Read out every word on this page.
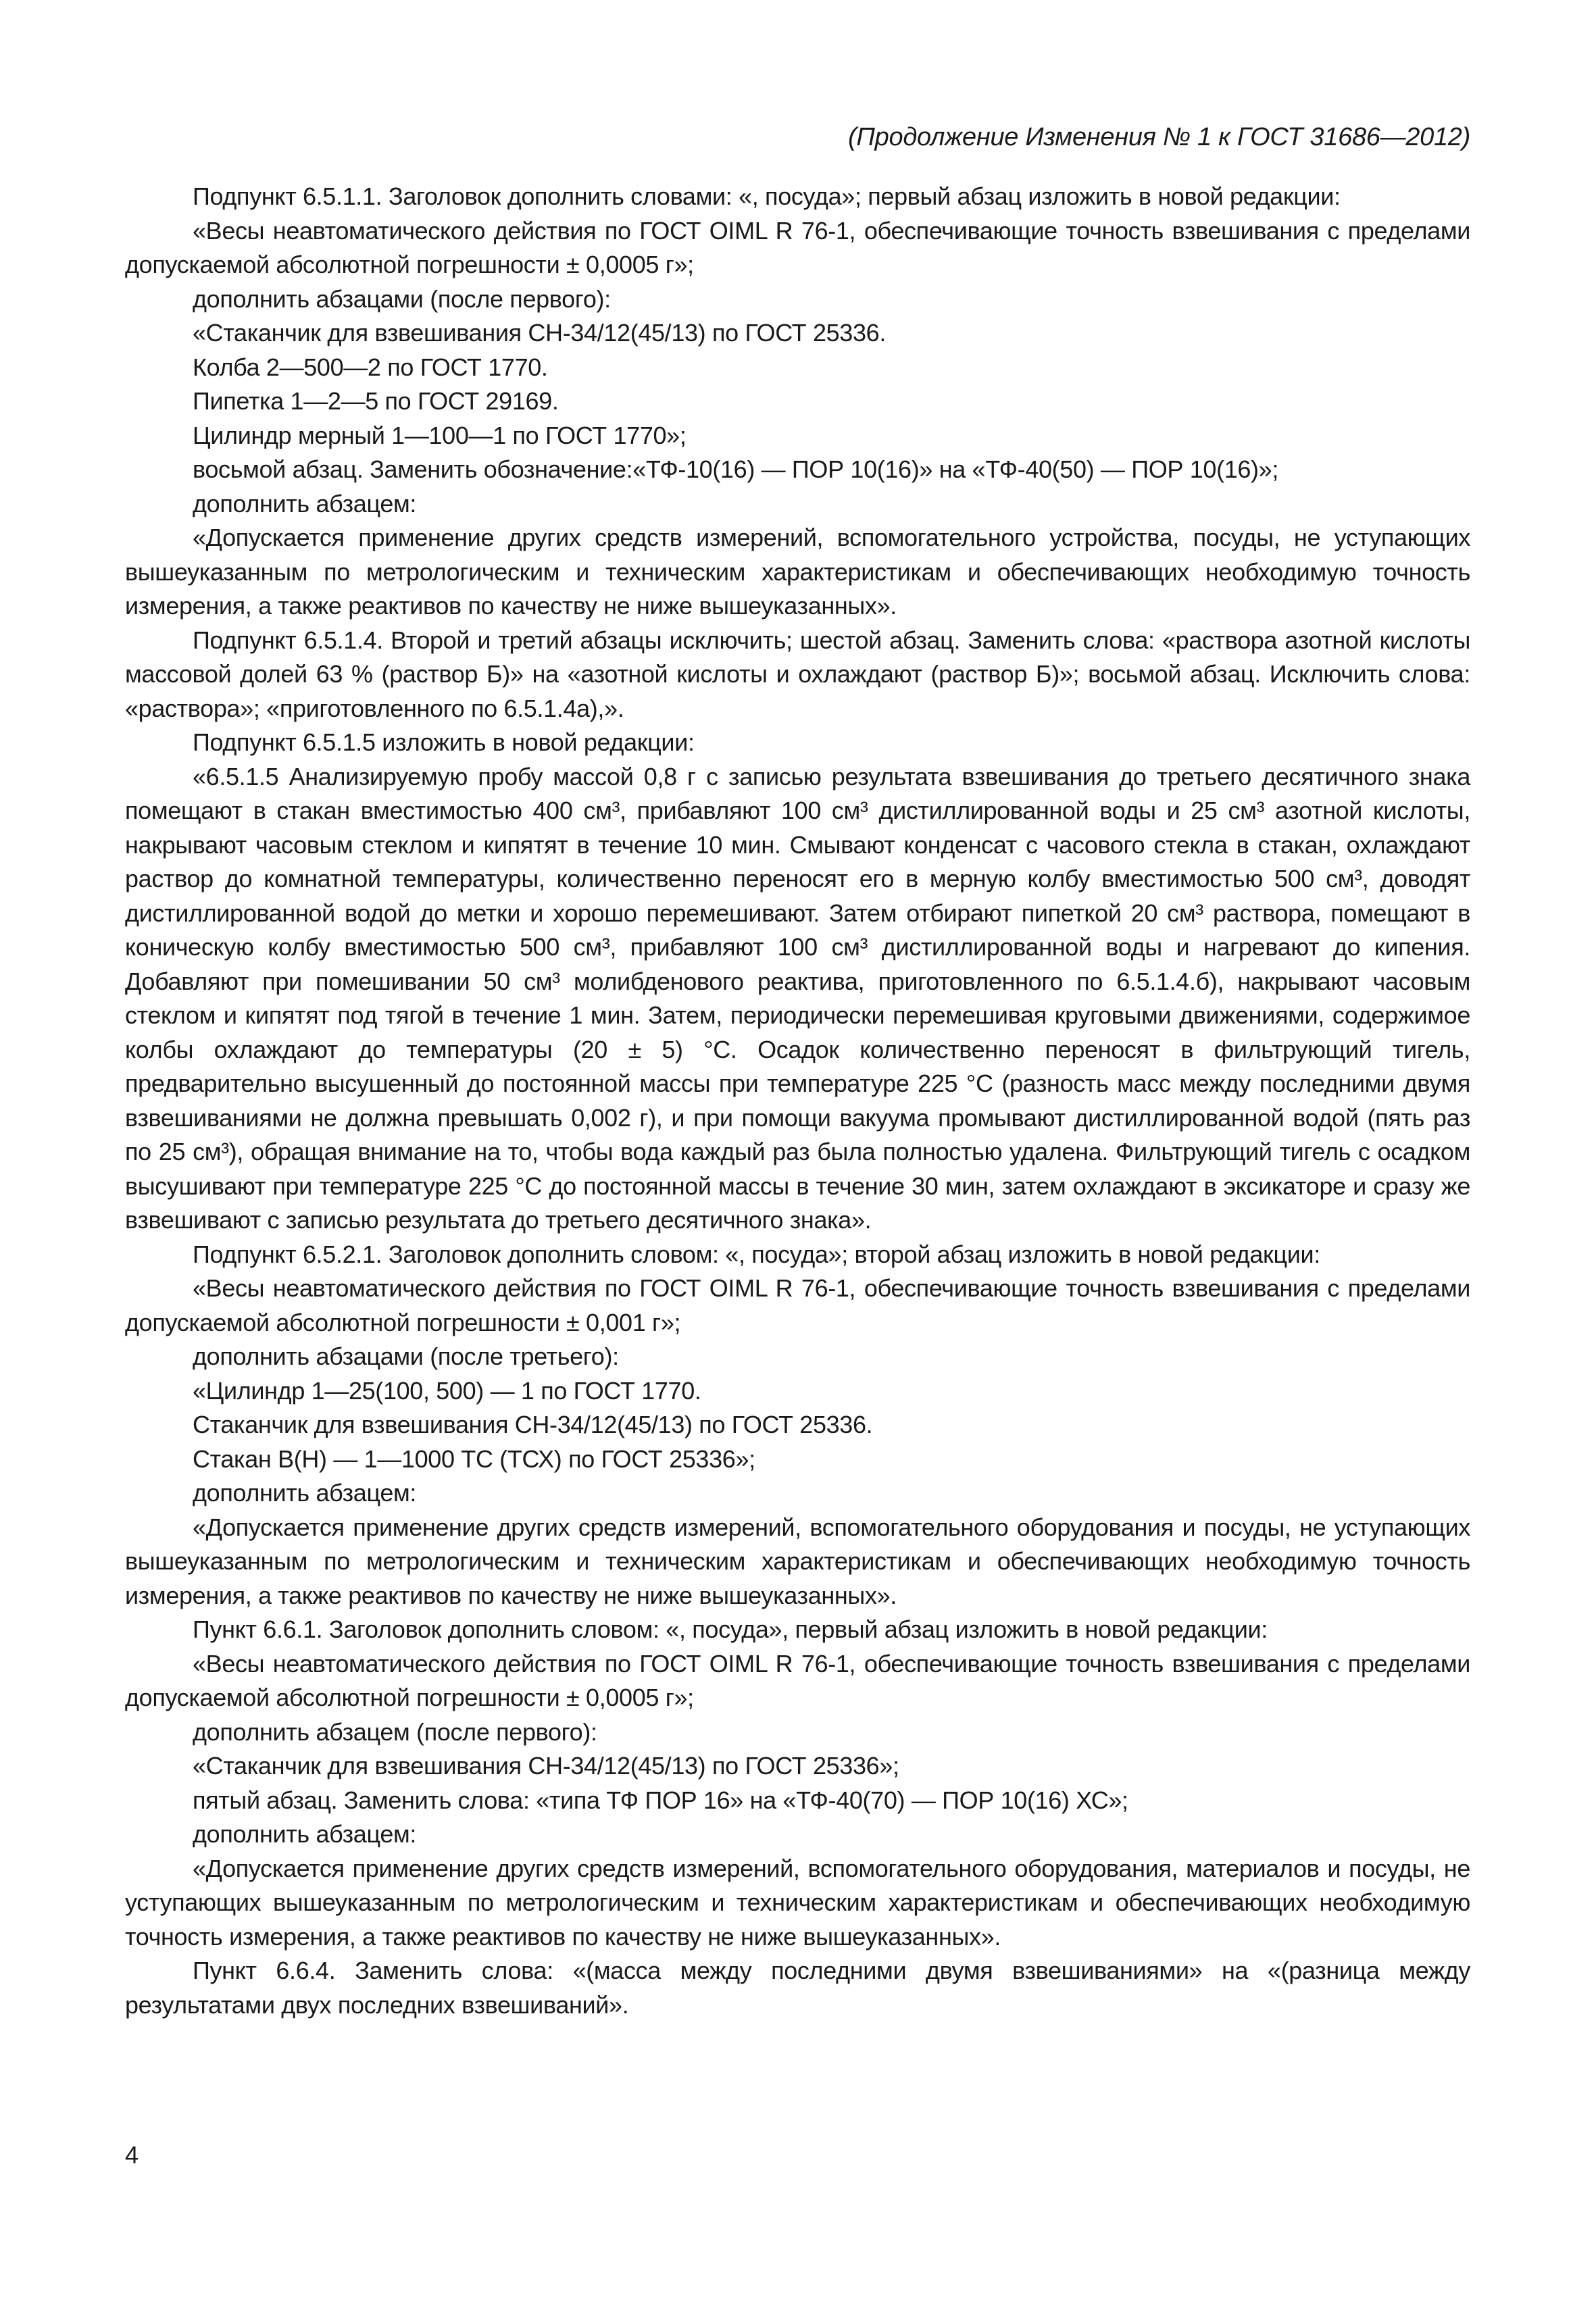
(Продолжение Изменения № 1 к ГОСТ 31686—2012)

Подпункт 6.5.1.1. Заголовок дополнить словами: «, посуда»; первый абзац изложить в новой редакции:

«Весы неавтоматического действия по ГОСТ OIML R 76-1, обеспечивающие точность взвешивания с пределами допускаемой абсолютной погрешности ± 0,0005 г»;

дополнить абзацами (после первого):

«Стаканчик для взвешивания СН-34/12(45/13) по ГОСТ 25336.

Колба 2—500—2 по ГОСТ 1770.

Пипетка 1—2—5 по ГОСТ 29169.

Цилиндр мерный 1—100—1 по ГОСТ 1770»;

восьмой абзац. Заменить обозначение:«ТФ-10(16) — ПОР 10(16)» на «ТФ-40(50) — ПОР 10(16)»;

дополнить абзацем:

«Допускается применение других средств измерений, вспомогательного устройства, посуды, не уступающих вышеуказанным по метрологическим и техническим характеристикам и обеспечивающих необходимую точность измерения, а также реактивов по качеству не ниже вышеуказанных».

Подпункт 6.5.1.4. Второй и третий абзацы исключить; шестой абзац. Заменить слова: «раствора азотной кислоты массовой долей 63 % (раствор Б)» на «азотной кислоты и охлаждают (раствор Б)»; восьмой абзац. Исключить слова: «раствора»; «приготовленного по 6.5.1.4а),».

Подпункт 6.5.1.5 изложить в новой редакции:

«6.5.1.5 Анализируемую пробу массой 0,8 г с записью результата взвешивания до третьего десятичного знака помещают в стакан вместимостью 400 см³, прибавляют 100 см³ дистиллированной воды и 25 см³ азотной кислоты, накрывают часовым стеклом и кипятят в течение 10 мин. Смывают конденсат с часового стекла в стакан, охлаждают раствор до комнатной температуры, количественно переносят его в мерную колбу вместимостью 500 см³, доводят дистиллированной водой до метки и хорошо перемешивают. Затем отбирают пипеткой 20 см³ раствора, помещают в коническую колбу вместимостью 500 см³, прибавляют 100 см³ дистиллированной воды и нагревают до кипения. Добавляют при помешивании 50 см³ молибденового реактива, приготовленного по 6.5.1.4.б), накрывают часовым стеклом и кипятят под тягой в течение 1 мин. Затем, периодически перемешивая круговыми движениями, содержимое колбы охлаждают до температуры (20 ± 5) °С. Осадок количественно переносят в фильтрующий тигель, предварительно высушенный до постоянной массы при температуре 225 °С (разность масс между последними двумя взвешиваниями не должна превышать 0,002 г), и при помощи вакуума промывают дистиллированной водой (пять раз по 25 см³), обращая внимание на то, чтобы вода каждый раз была полностью удалена. Фильтрующий тигель с осадком высушивают при температуре 225 °С до постоянной массы в течение 30 мин, затем охлаждают в эксикаторе и сразу же взвешивают с записью результата до третьего десятичного знака».

Подпункт 6.5.2.1. Заголовок дополнить словом: «, посуда»; второй абзац изложить в новой редакции:

«Весы неавтоматического действия по ГОСТ OIML R 76-1, обеспечивающие точность взвешивания с пределами допускаемой абсолютной погрешности ± 0,001 г»;

дополнить абзацами (после третьего):

«Цилиндр 1—25(100, 500) — 1 по ГОСТ 1770.

Стаканчик для взвешивания СН-34/12(45/13) по ГОСТ 25336.

Стакан В(Н) — 1—1000 ТС (ТСХ) по ГОСТ 25336»;

дополнить абзацем:

«Допускается применение других средств измерений, вспомогательного оборудования и посуды, не уступающих вышеуказанным по метрологическим и техническим характеристикам и обеспечивающих необходимую точность измерения, а также реактивов по качеству не ниже вышеуказанных».

Пункт 6.6.1. Заголовок дополнить словом: «, посуда», первый абзац изложить в новой редакции:

«Весы неавтоматического действия по ГОСТ OIML R 76-1, обеспечивающие точность взвешивания с пределами допускаемой абсолютной погрешности ± 0,0005 г»;

дополнить абзацем (после первого):

«Стаканчик для взвешивания СН-34/12(45/13) по ГОСТ 25336»;

пятый абзац. Заменить слова: «типа ТФ ПОР 16» на «ТФ-40(70) — ПОР 10(16) ХС»;

дополнить абзацем:

«Допускается применение других средств измерений, вспомогательного оборудования, материалов и посуды, не уступающих вышеуказанным по метрологическим и техническим характеристикам и обеспечивающих необходимую точность измерения, а также реактивов по качеству не ниже вышеуказанных».

Пункт 6.6.4. Заменить слова: «(масса между последними двумя взвешиваниями» на «(разница между результатами двух последних взвешиваний».

4
